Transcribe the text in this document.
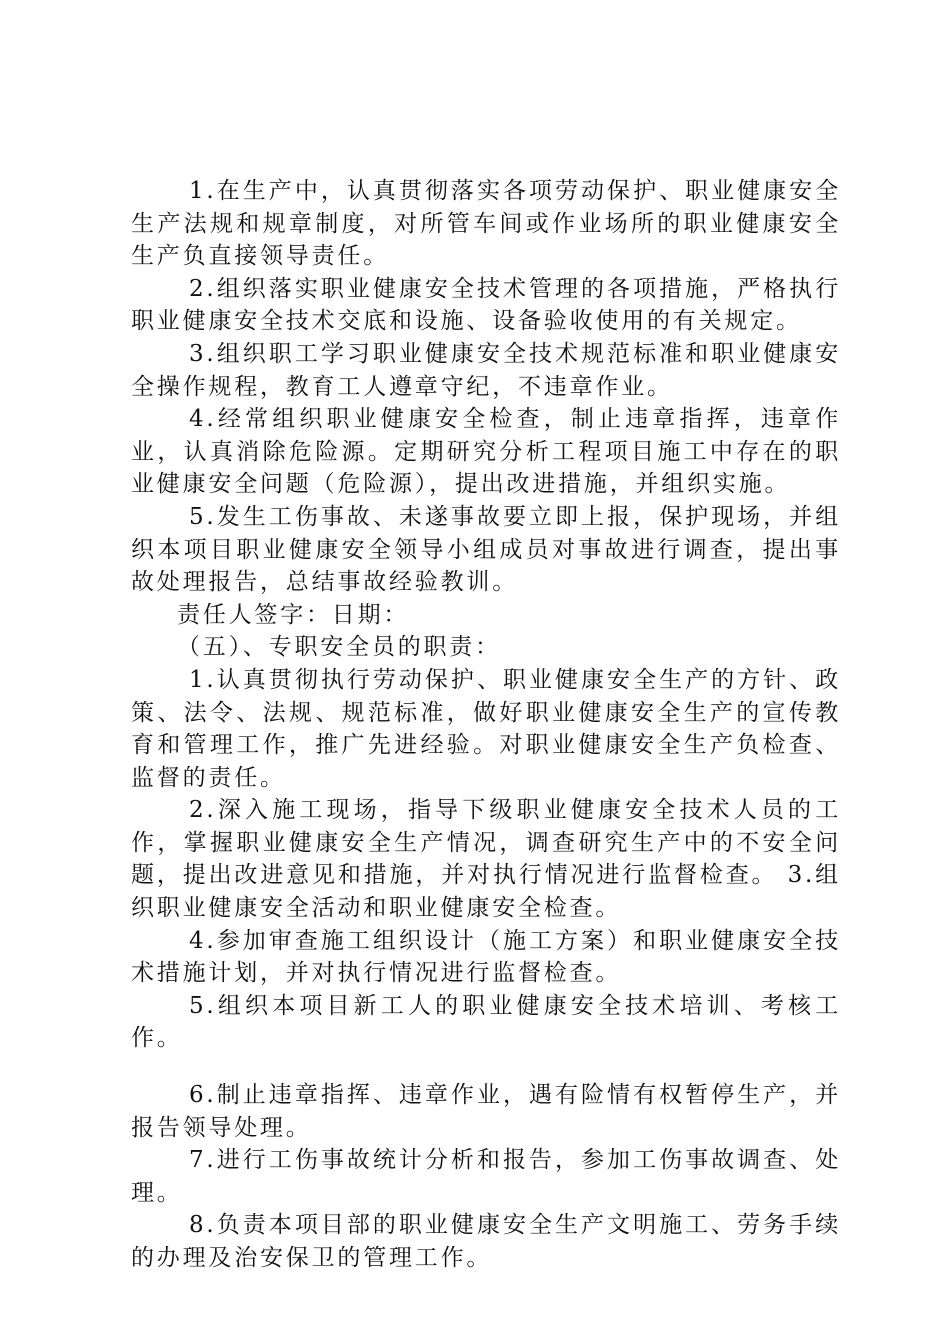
1.在生产中，认真贯彻落实各项劳动保护、职业健康安全生产法规和规章制度，对所管车间或作业场所的职业健康安全生产负直接领导责任。

2.组织落实职业健康安全技术管理的各项措施，严格执行职业健康安全技术交底和设施、设备验收使用的有关规定。

3.组织职工学习职业健康安全技术规范标准和职业健康安全操作规程，教育工人遵章守纪，不违章作业。

4.经常组织职业健康安全检查，制止违章指挥，违章作业，认真消除危险源。定期研究分析工程项目施工中存在的职业健康安全问题（危险源），提出改进措施，并组织实施。

5.发生工伤事故、未遂事故要立即上报，保护现场，并组织本项目职业健康安全领导小组成员对事故进行调查，提出事故处理报告，总结事故经验教训。

责任人签字：日期：

（五）、专职安全员的职责：

1.认真贯彻执行劳动保护、职业健康安全生产的方针、政策、法令、法规、规范标准，做好职业健康安全生产的宣传教育和管理工作，推广先进经验。对职业健康安全生产负检查、监督的责任。

2.深入施工现场，指导下级职业健康安全技术人员的工作，掌握职业健康安全生产情况，调查研究生产中的不安全问题，提出改进意见和措施，并对执行情况进行监督检查。 3.组织职业健康安全活动和职业健康安全检查。

4.参加审查施工组织设计（施工方案）和职业健康安全技术措施计划，并对执行情况进行监督检查。

5.组织本项目新工人的职业健康安全技术培训、考核工作。

6.制止违章指挥、违章作业，遇有险情有权暂停生产，并报告领导处理。

7.进行工伤事故统计分析和报告，参加工伤事故调查、处理。

8.负责本项目部的职业健康安全生产文明施工、劳务手续的办理及治安保卫的管理工作。
